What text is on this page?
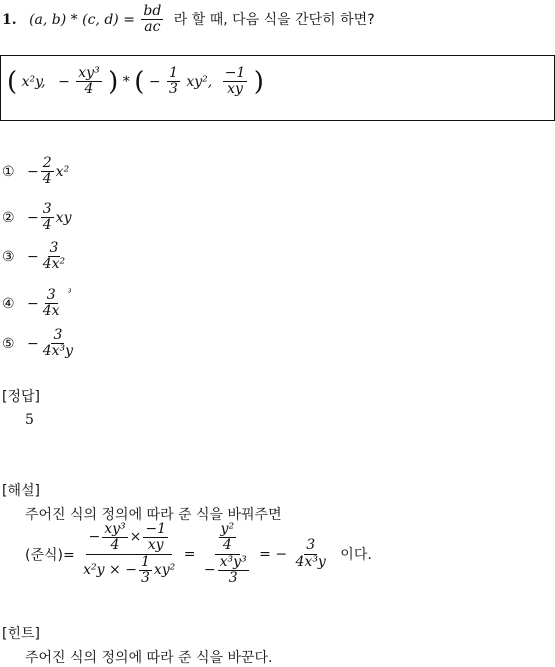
1. (a, b) * (c, $d) = \frac{bd}{ac}$ 라 할 때, 다음 식을 간단히 하면?
( x²y, − $\frac{\text{xy³}}{4}$ ) * ( − $\frac{1}{3} xy^2$, $\frac{-1}{xy}$ )
① − $\frac{2}{4} x^2$
② − $\frac{3}{4}$ xy
③ − $\frac{3}{\text{4x²}}$
④ − $\frac{3}{4x} ^{^3}$
⑤ − $\frac{3}{\text{4x³y}}$
[정답]
5
[해설]
주어진 식의 정의에 따라 준 식을 바꿔주면
(준식)= $\frac{- \frac{\text{xy³}}{4} \times \frac{-1}{xy}}{x^2y \times - \frac{1}{3} xy^2} = \frac{\frac{\text{y²}}{4}}{- \frac{\text{x³y³}}{3}}$ = − $\frac{3}{\text{4x³y}}$ 이다.
[힌트]
주어진 식의 정의에 따라 준 식을 바꾼다.
